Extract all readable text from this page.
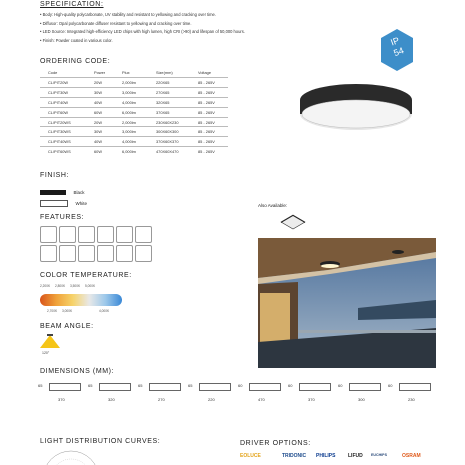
SPECIFICATION:
• Body: High-quality polycarbonate, UV stability and resistant to yellowing and cracking over time.
• Diffusor: Opal polycarbonate diffuser resistant to yellowing and cracking over time.
• LED Source: Integrated high-efficiency LED chips with high lumen, high CRI (>90) and lifespan of 50,000 hours.
• Finish: Powder coated in various color.	IP
54
ORDERING CODE:
Code	Power	Plux	Size(mm)	Voltage
CL/PIT20W	20W	2,000lm	220X65	85 - 265V
CL/PIT30W	30W	3,000lm	270X65	85 - 265V
CL/PIT40W	40W	4,000lm	320X65	85 - 265V
CL/PIT60W	60W	6,000lm	370X65	85 - 265V
CL/PIT20WS	20W	2,000lm	230X60X230	85 - 265V
CL/PIT30WS	30W	3,000lm	300X60X300	85 - 265V
CL/PIT40WS	40W	4,000lm	370X60X370	85 - 265V
CL/PIT60WS	60W	6,000lm	470X60X470	85 - 265V
FINISH:
Black
White	Also Available:
FEATURES:
COLOR TEMPERATURE:
2,200K 2,800K 3,500K 5,000K
2,700K 3,000K	4,000K
BEAM ANGLE:
120°
DIMENSIONS (MM):
65
370
65
320
65
270
65
220
60
470
60
370
60
300
60
230
LIGHT DISTRIBUTION CURVES:	DRIVER OPTIONS:
EOLUCE	TRIDONIC PHILIPS	LIFUD EUCHIPS	OSRAM
